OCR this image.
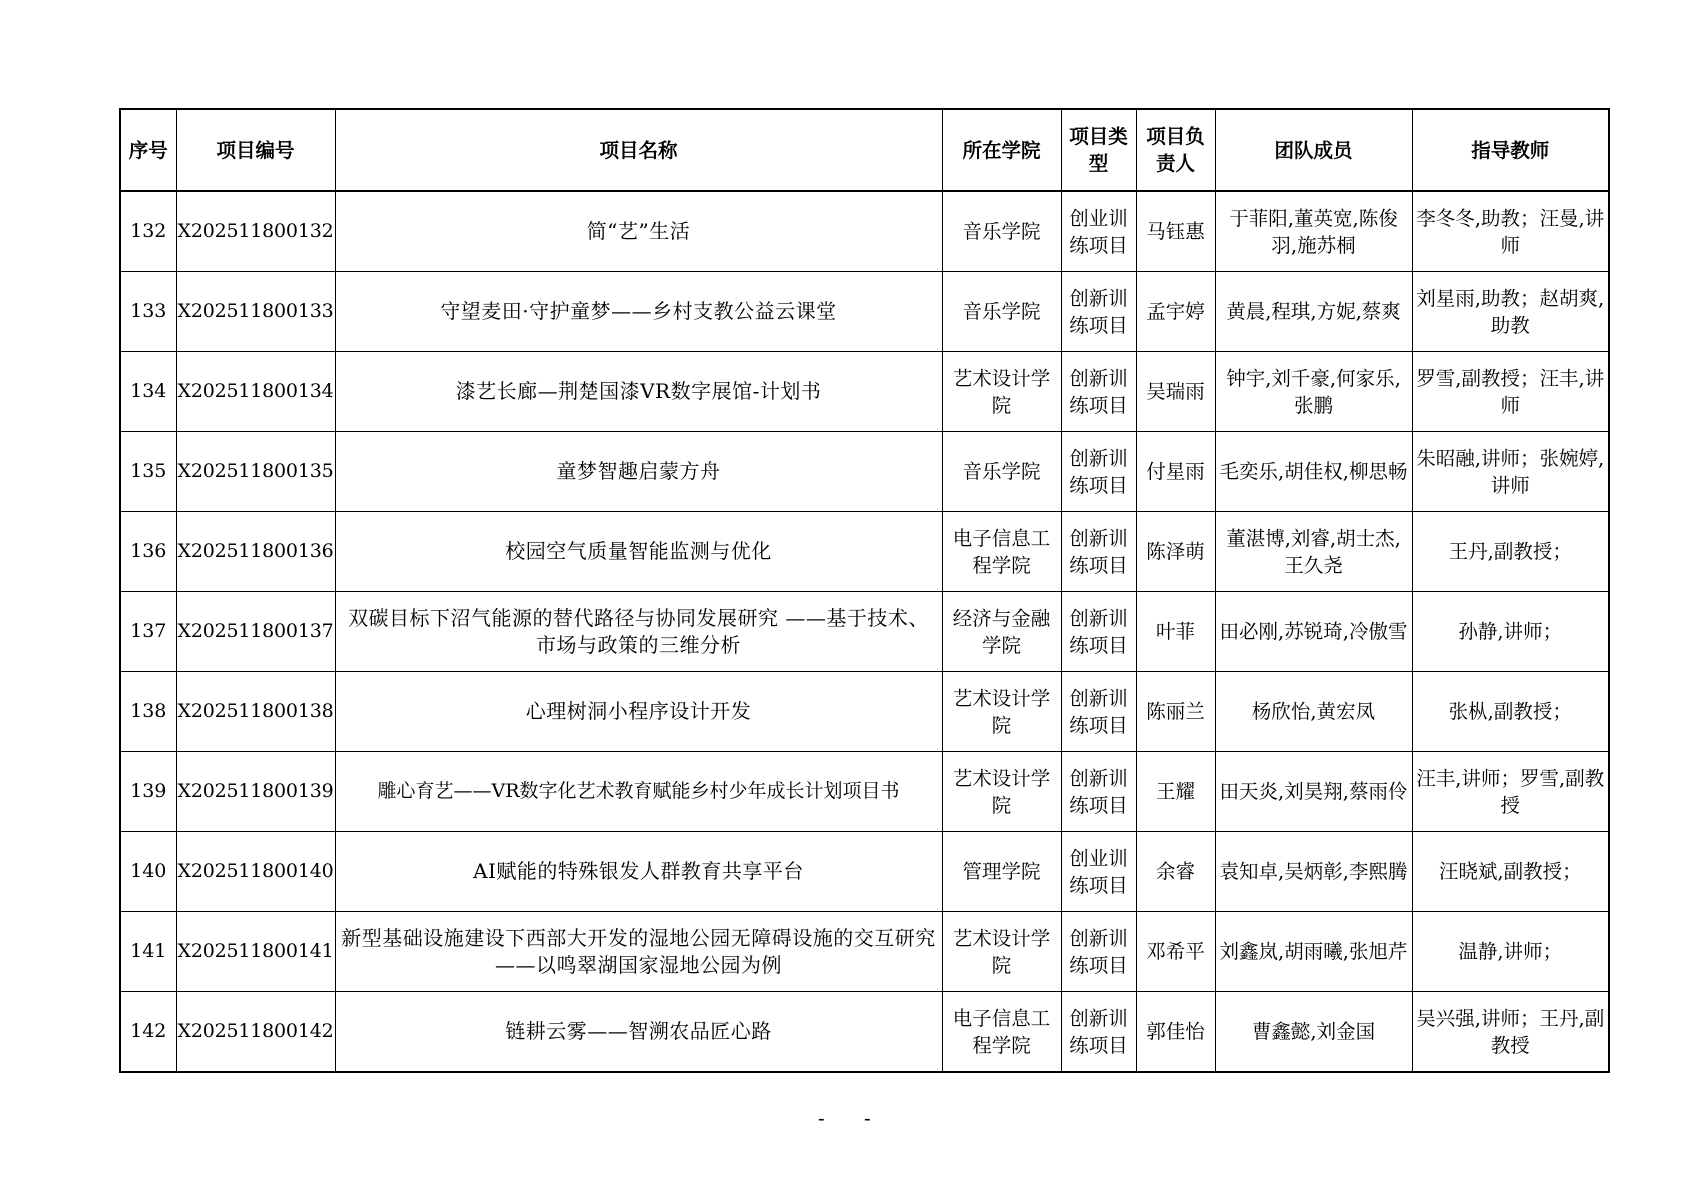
序号	项目编号	项目名称	所在学院	项目类型	项目负责人	团队成员	指导教师
132	X202511800132	简“艺”生活	音乐学院	创业训练项目	马钰惠	于菲阳,董英宽,陈俊羽,施苏桐	李冬冬,助教；汪曼,讲师
133	X202511800133	守望麦田·守护童梦——乡村支教公益云课堂	音乐学院	创新训练项目	孟宇婷	黄晨,程琪,方妮,蔡爽	刘星雨,助教；赵胡爽,助教
134	X202511800134	漆艺长廊—荆楚国漆VR数字展馆-计划书	艺术设计学院	创新训练项目	吴瑞雨	钟宇,刘千豪,何家乐,张鹏	罗雪,副教授；汪丰,讲师
135	X202511800135	童梦智趣启蒙方舟	音乐学院	创新训练项目	付星雨	毛奕乐,胡佳权,柳思畅	朱昭融,讲师；张婉婷,讲师
136	X202511800136	校园空气质量智能监测与优化	电子信息工程学院	创新训练项目	陈泽萌	董湛博,刘睿,胡士杰,王久尧	王丹,副教授；
137	X202511800137	双碳目标下沼气能源的替代路径与协同发展研究 ——基于技术、市场与政策的三维分析	经济与金融学院	创新训练项目	叶菲	田必刚,苏锐琦,冷傲雪	孙静,讲师；
138	X202511800138	心理树洞小程序设计开发	艺术设计学院	创新训练项目	陈丽兰	杨欣怡,黄宏凤	张枞,副教授；
139	X202511800139	雕心育艺——VR数字化艺术教育赋能乡村少年成长计划项目书	艺术设计学院	创新训练项目	王耀	田天炎,刘昊翔,蔡雨伶	汪丰,讲师；罗雪,副教授
140	X202511800140	AI赋能的特殊银发人群教育共享平台	管理学院	创业训练项目	余睿	袁知卓,吴炳彰,李熙腾	汪晓斌,副教授；
141	X202511800141	新型基础设施建设下西部大开发的湿地公园无障碍设施的交互研究——以鸣翠湖国家湿地公园为例	艺术设计学院	创新训练项目	邓希平	刘鑫岚,胡雨曦,张旭芹	温静,讲师；
142	X202511800142	链耕云雾——智溯农品匠心路	电子信息工程学院	创新训练项目	郭佳怡	曹鑫懿,刘金国	吴兴强,讲师；王丹,副教授
- -
